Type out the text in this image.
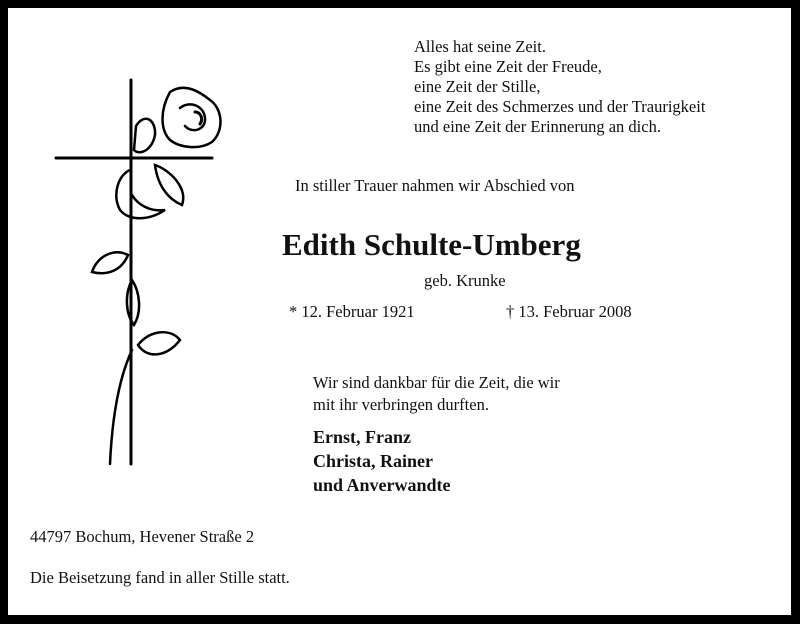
Alles hat seine Zeit.
Es gibt eine Zeit der Freude,
eine Zeit der Stille,
eine Zeit des Schmerzes und der Traurigkeit
und eine Zeit der Erinnerung an dich.
In stiller Trauer nahmen wir Abschied von
Edith Schulte-Umberg
geb. Krunke
* 12. Februar 1921	† 13. Februar 2008
Wir sind dankbar für die Zeit, die wir
mit ihr verbringen durften.
Ernst, Franz
Christa, Rainer
und Anverwandte
44797 Bochum, Hevener Straße 2
Die Beisetzung fand in aller Stille statt.
